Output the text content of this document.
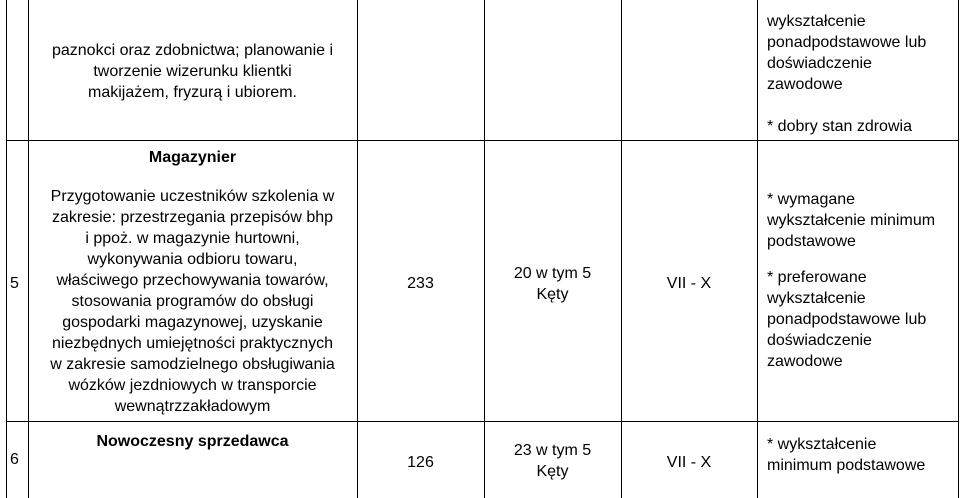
paznokci oraz zdobnictwa; planowanie i
tworzenie wizerunku klientki
makijażem, fryzurą i ubiorem.
wykształcenie
ponadpodstawowe lub
doświadczenie
zawodowe
* dobry stan zdrowia
5
Magazynier
Przygotowanie uczestników szkolenia w
zakresie: przestrzegania przepisów bhp
i ppoż. w magazynie hurtowni,
wykonywania odbioru towaru,
właściwego przechowywania towarów,
stosowania programów do obsługi
gospodarki magazynowej, uzyskanie
niezbędnych umiejętności praktycznych
w zakresie samodzielnego obsługiwania
wózków jezdniowych w transporcie
wewnątrzzakładowym
233
20 w tym 5
Kęty
VII - X
* wymagane
wykształcenie minimum
podstawowe
* preferowane
wykształcenie
ponadpodstawowe lub
doświadczenie
zawodowe
6
Nowoczesny sprzedawca
126
23 w tym 5
Kęty
VII - X
* wykształcenie
minimum podstawowe
